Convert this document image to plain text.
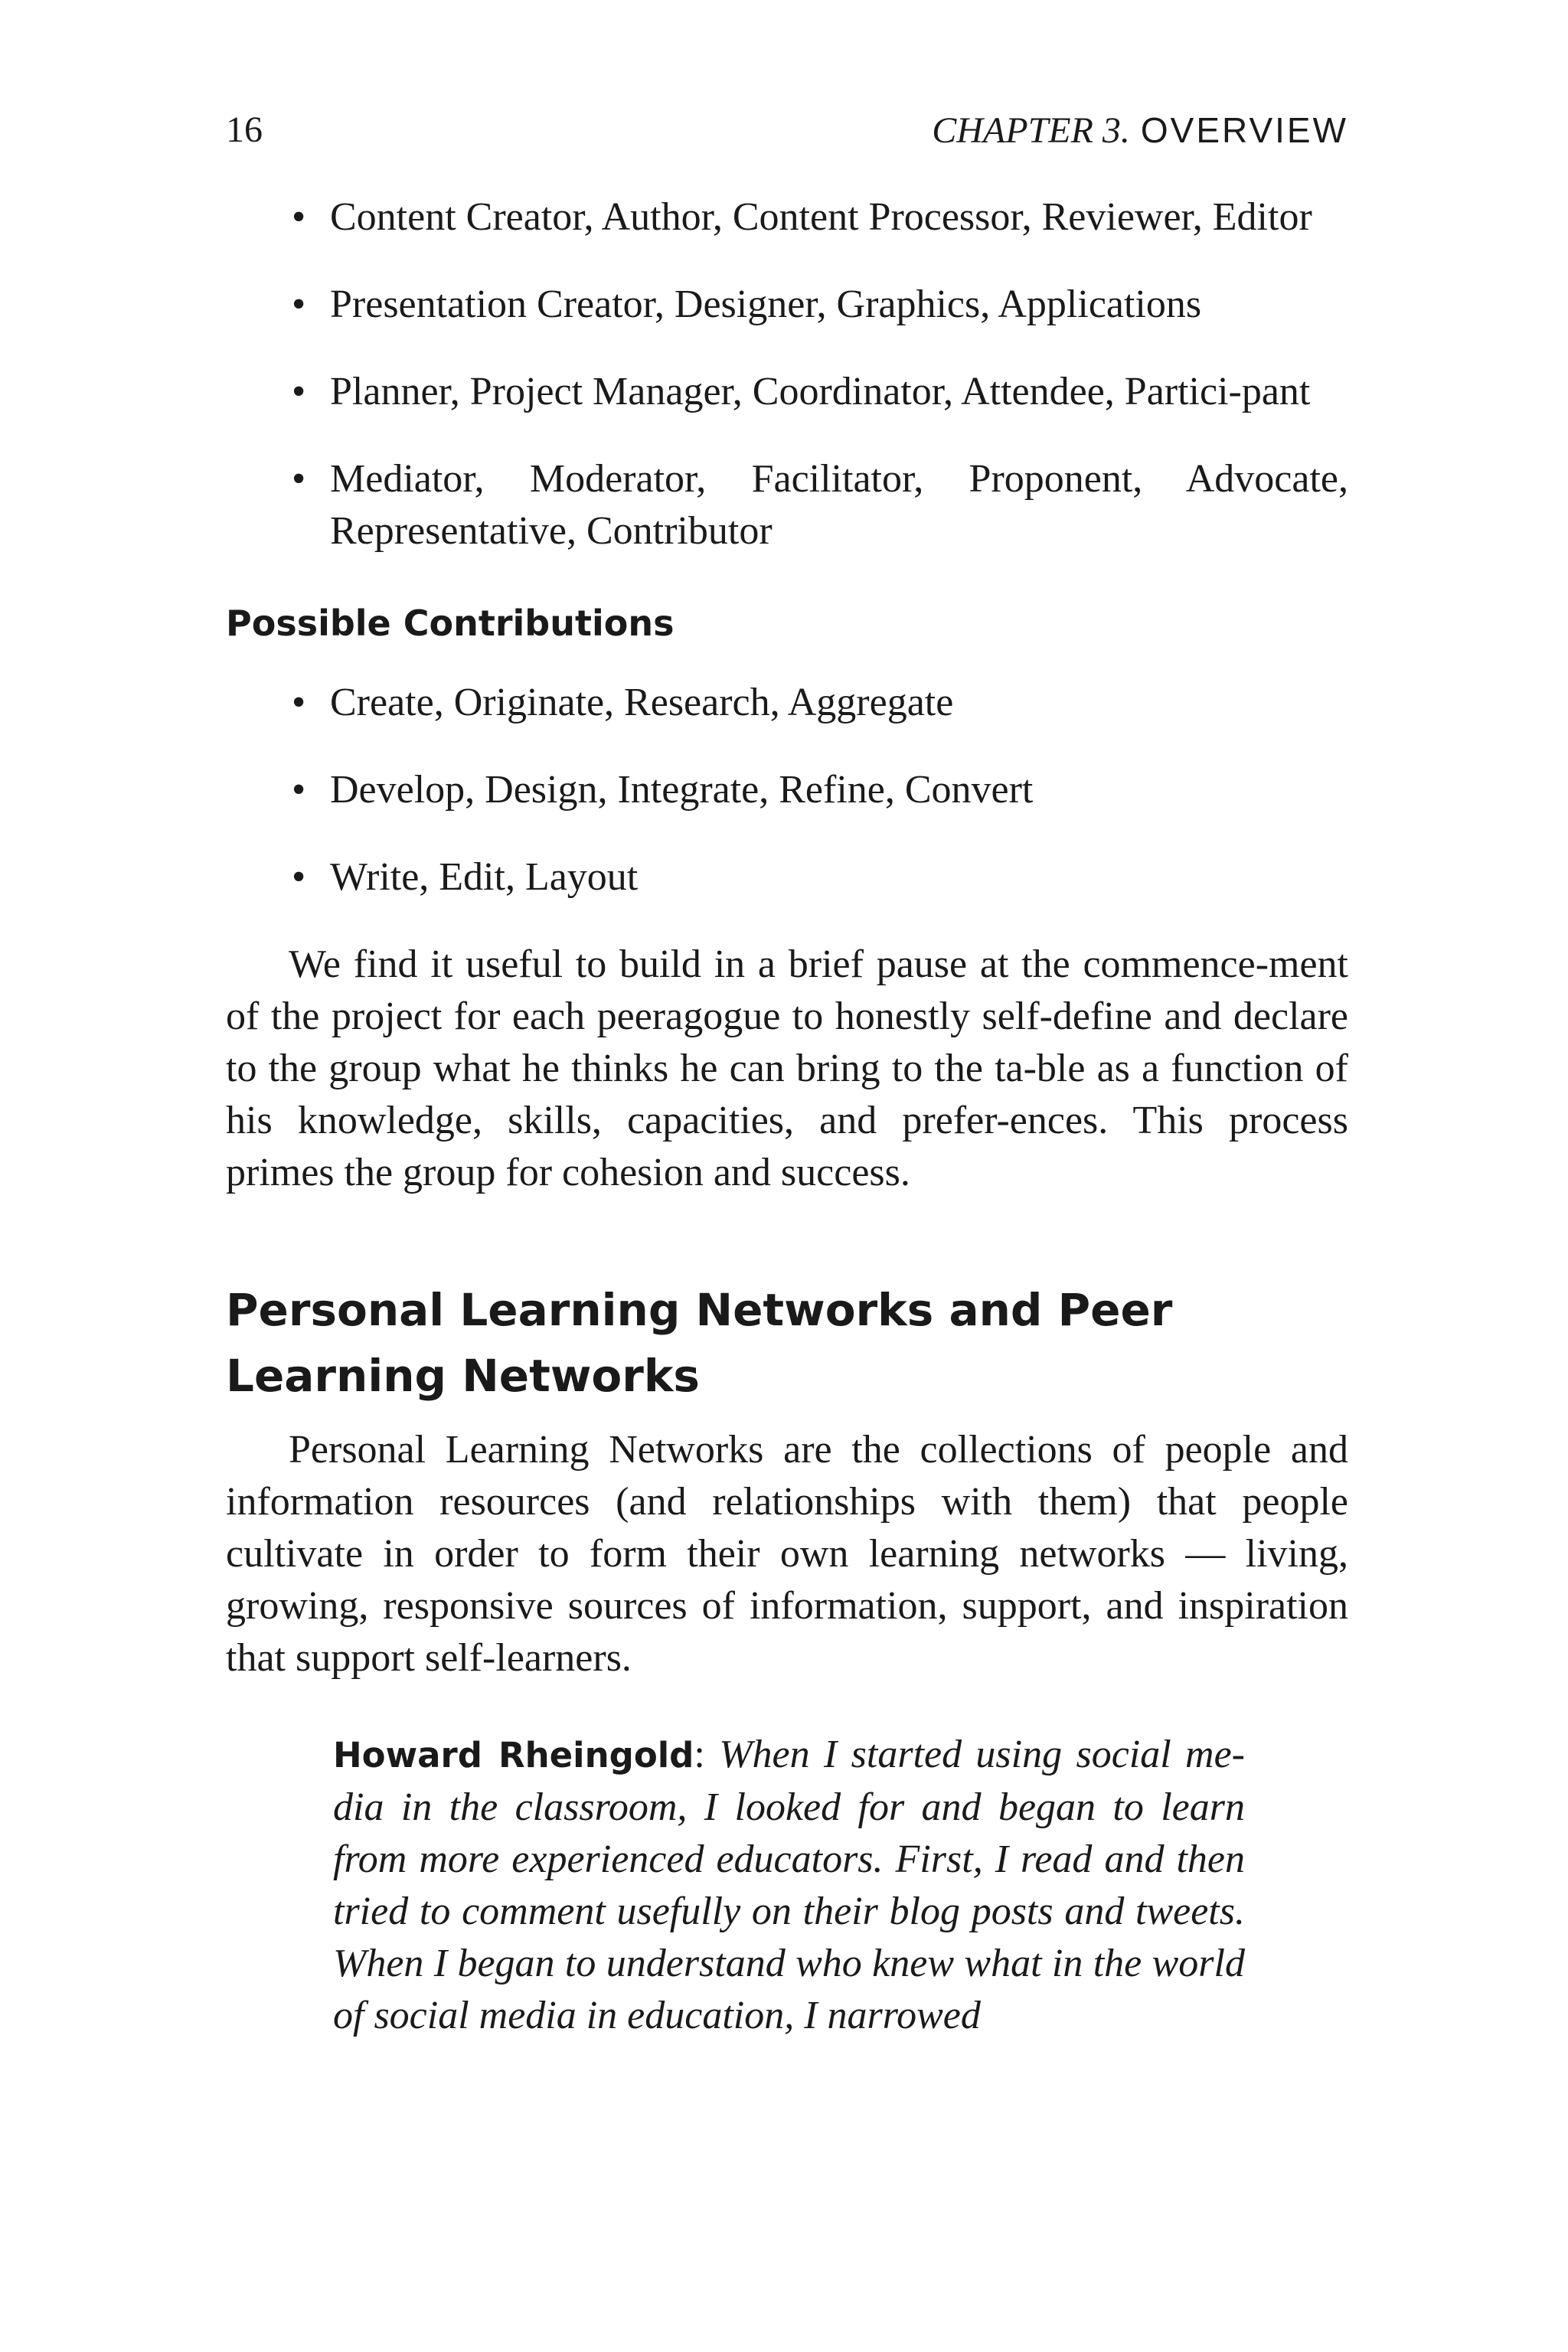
16	CHAPTER 3. OVERVIEW
• Content Creator, Author, Content Processor, Reviewer, Editor
• Presentation Creator, Designer, Graphics, Applications
• Planner, Project Manager, Coordinator, Attendee, Partici-pant
• Mediator, Moderator, Facilitator, Proponent, Advocate, Representative, Contributor
Possible Contributions
• Create, Originate, Research, Aggregate
• Develop, Design, Integrate, Refine, Convert
• Write, Edit, Layout

We find it useful to build in a brief pause at the commence-ment of the project for each peeragogue to honestly self-define and declare to the group what he thinks he can bring to the ta-ble as a function of his knowledge, skills, capacities, and prefer-ences. This process primes the group for cohesion and success.

Personal Learning Networks and Peer Learning Networks

Personal Learning Networks are the collections of people and information resources (and relationships with them) that people cultivate in order to form their own learning networks — living, growing, responsive sources of information, support, and inspiration that support self-learners.

Howard Rheingold: When I started using social me-dia in the classroom, I looked for and began to learn from more experienced educators. First, I read and then tried to comment usefully on their blog posts and tweets. When I began to understand who knew what in the world of social media in education, I narrowed
